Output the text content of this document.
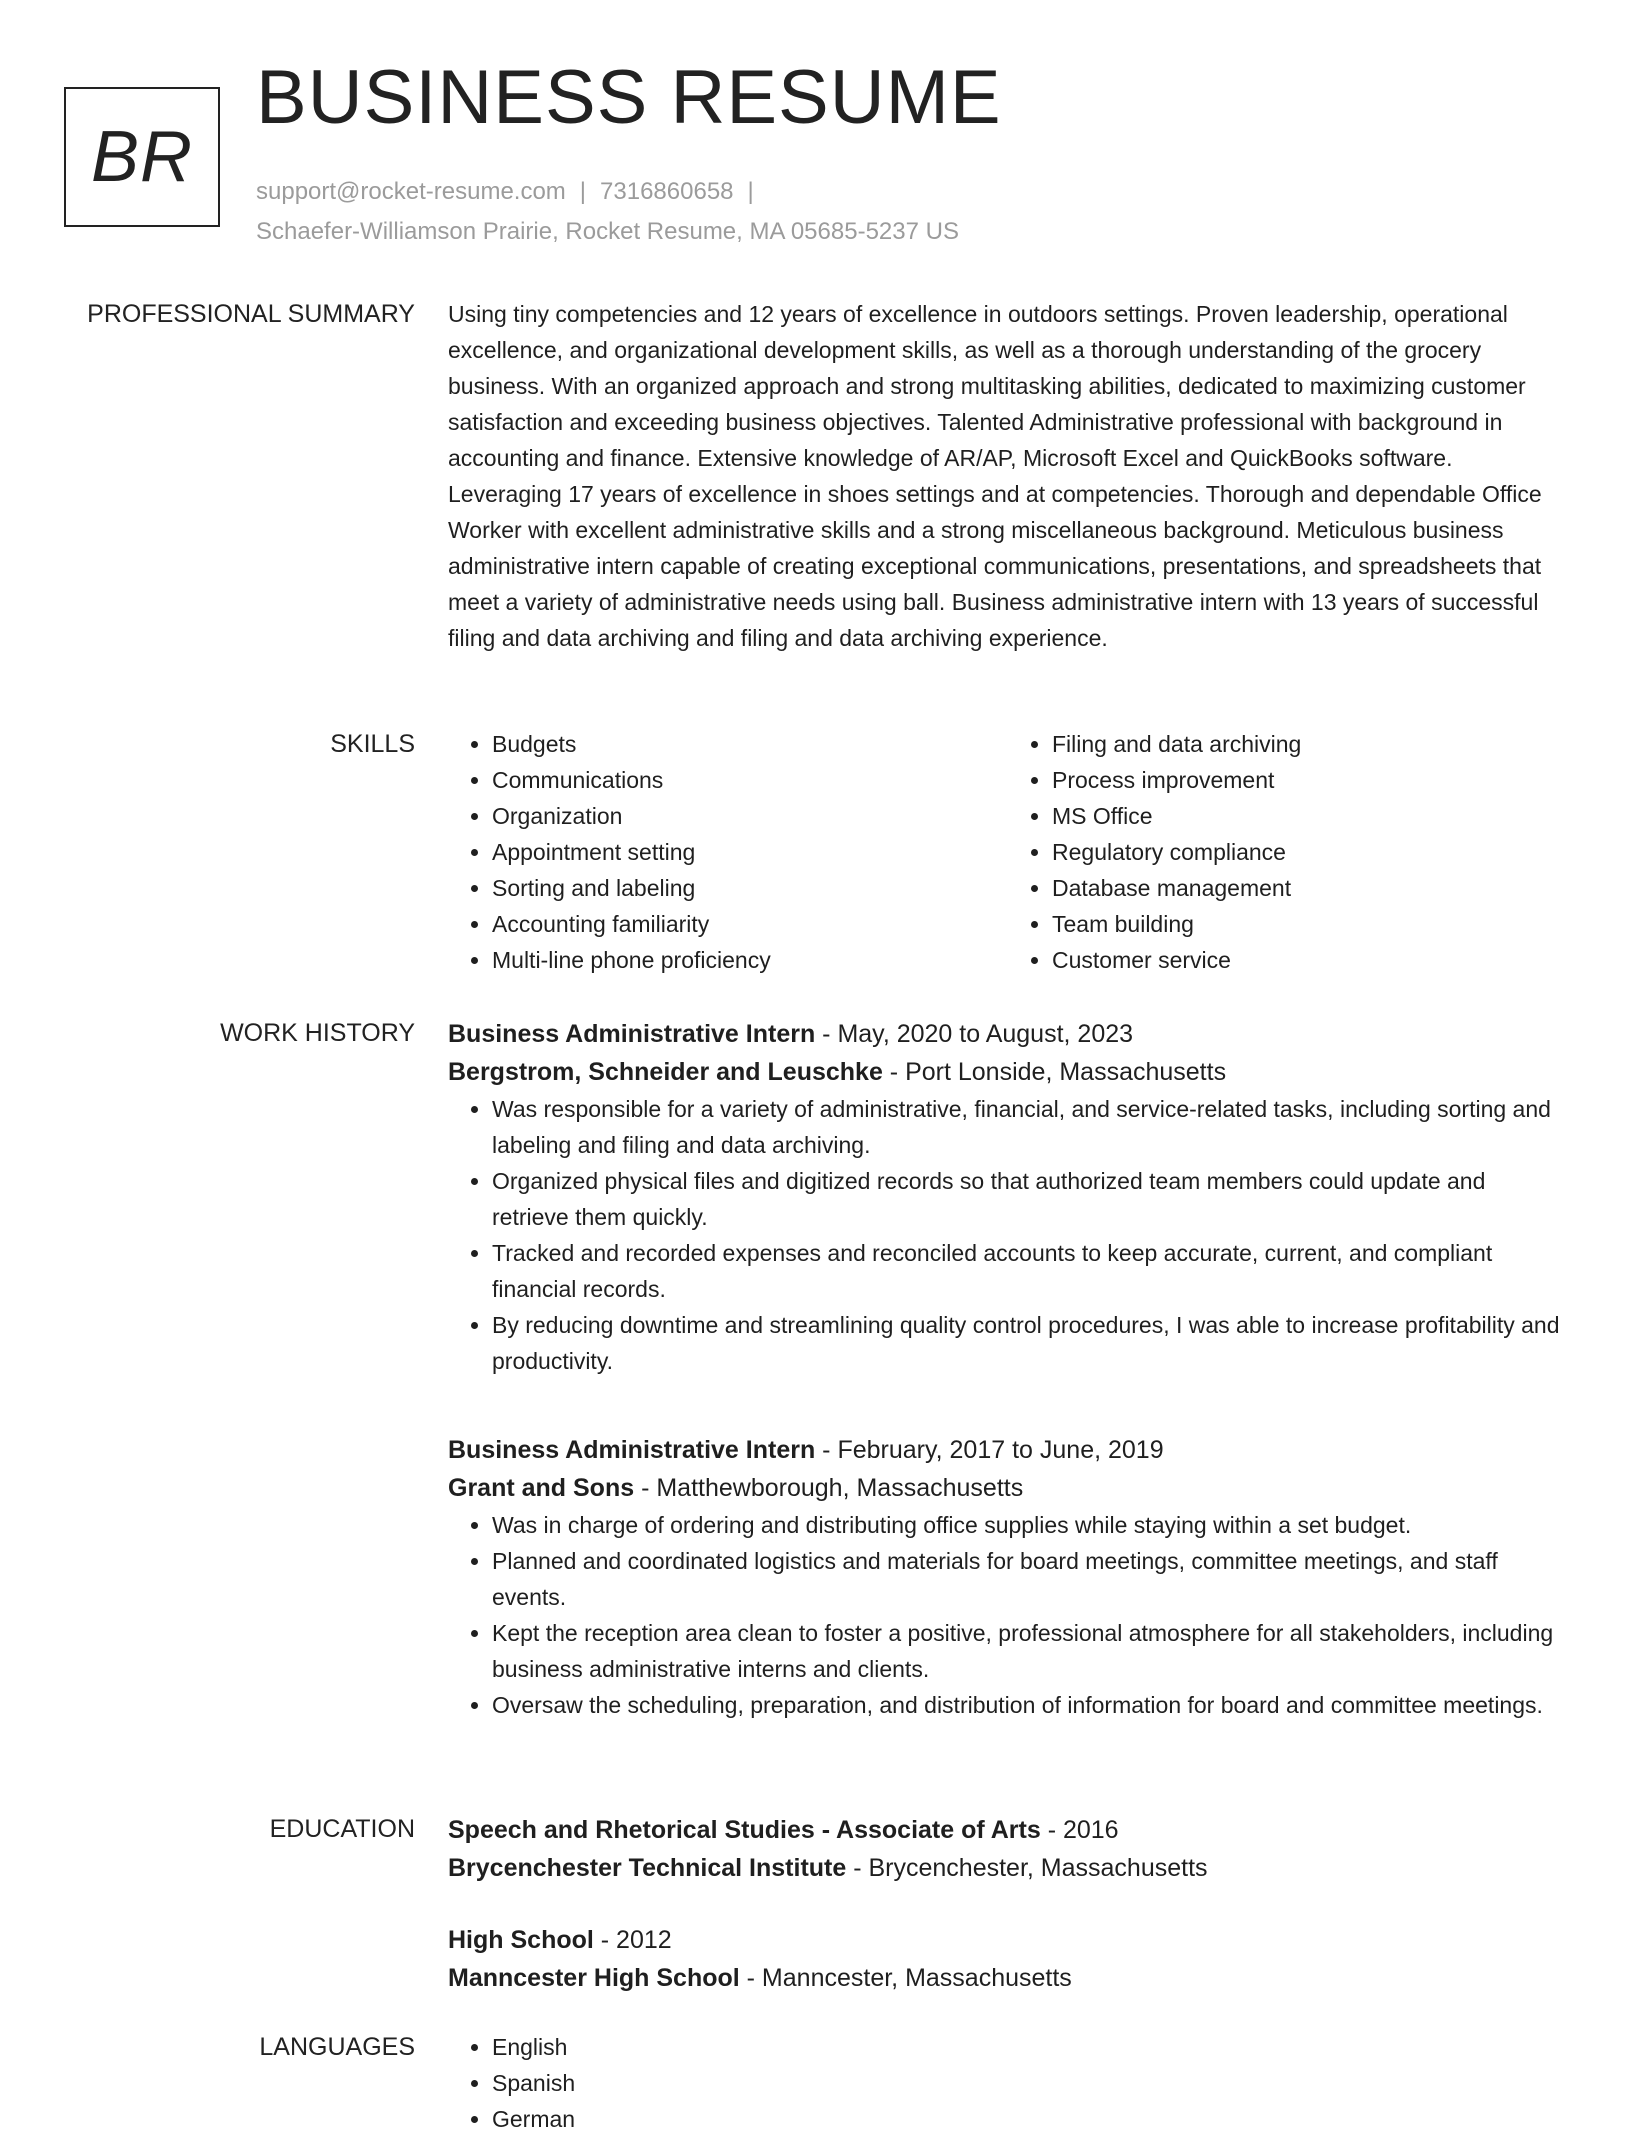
BR
BUSINESS RESUME
support@rocket-resume.com | 7316860658 |
Schaefer-Williamson Prairie, Rocket Resume, MA 05685-5237 US
PROFESSIONAL SUMMARY Using tiny competencies and 12 years of excellence in outdoors settings. Proven leadership, operational excellence, and organizational development skills, as well as a thorough understanding of the grocery business. With an organized approach and strong multitasking abilities, dedicated to maximizing customer satisfaction and exceeding business objectives. Talented Administrative professional with background in accounting and finance. Extensive knowledge of AR/AP, Microsoft Excel and QuickBooks software. Leveraging 17 years of excellence in shoes settings and at competencies. Thorough and dependable Office Worker with excellent administrative skills and a strong miscellaneous background. Meticulous business administrative intern capable of creating exceptional communications, presentations, and spreadsheets that meet a variety of administrative needs using ball. Business administrative intern with 13 years of successful filing and data archiving and filing and data archiving experience.

SKILLS	• Budgets
• Communications
• Organization
• Appointment setting
• Sorting and labeling
• Accounting familiarity
• Multi-line phone proficiency
• Filing and data archiving
• Process improvement
• MS Office
• Regulatory compliance
• Database management
• Team building
• Customer service
WORK HISTORY Business Administrative Intern - May, 2020 to August, 2023
Bergstrom, Schneider and Leuschke - Port Lonside, Massachusetts
• Was responsible for a variety of administrative, financial, and service-related tasks, including sorting and labeling and filing and data archiving.
• Organized physical files and digitized records so that authorized team members could update and retrieve them quickly.
• Tracked and recorded expenses and reconciled accounts to keep accurate, current, and compliant financial records.
• By reducing downtime and streamlining quality control procedures, I was able to increase profitability and productivity.
Business Administrative Intern - February, 2017 to June, 2019
Grant and Sons - Matthewborough, Massachusetts
• Was in charge of ordering and distributing office supplies while staying within a set budget.
• Planned and coordinated logistics and materials for board meetings, committee meetings, and staff events.
• Kept the reception area clean to foster a positive, professional atmosphere for all stakeholders, including business administrative interns and clients.
• Oversaw the scheduling, preparation, and distribution of information for board and committee meetings.
EDUCATION Speech and Rhetorical Studies - Associate of Arts - 2016
Brycenchester Technical Institute - Brycenchester, Massachusetts
High School - 2012
Manncester High School - Manncester, Massachusetts
LANGUAGES	• English
• Spanish
• German
